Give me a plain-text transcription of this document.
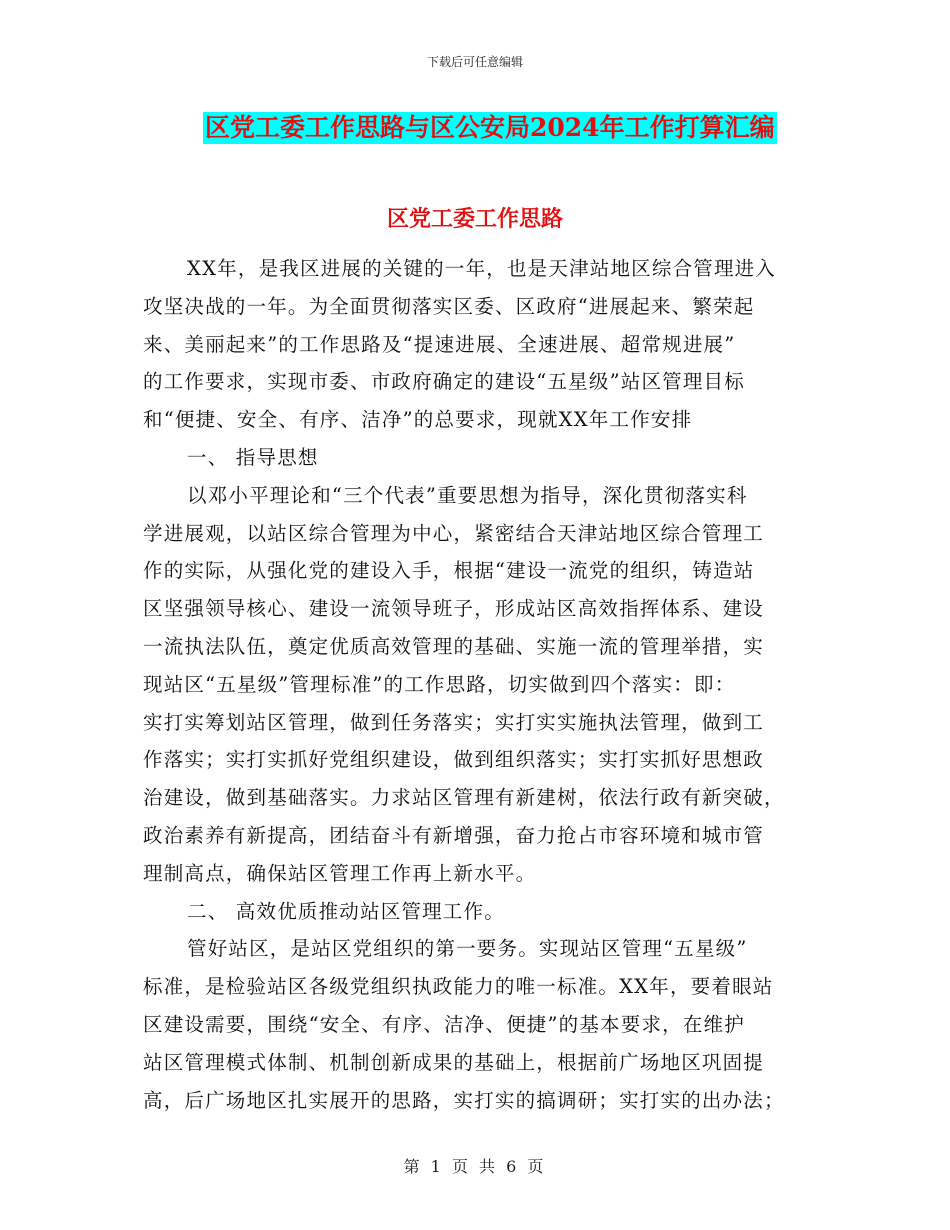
下载后可任意编辑
区党工委工作思路与区公安局2024年工作打算汇编
区党工委工作思路
XX年，是我区进展的关键的一年，也是天津站地区综合管理进入
攻坚决战的一年。为全面贯彻落实区委、区政府“进展起来、繁荣起
来、美丽起来”的工作思路及“提速进展、全速进展、超常规进展”
的工作要求，实现市委、市政府确定的建设“五星级”站区管理目标
和“便捷、安全、有序、洁净”的总要求，现就XX年工作安排
一、 指导思想
以邓小平理论和“三个代表”重要思想为指导，深化贯彻落实科
学进展观，以站区综合管理为中心，紧密结合天津站地区综合管理工
作的实际，从强化党的建设入手，根据“建设一流党的组织，铸造站
区坚强领导核心、建设一流领导班子，形成站区高效指挥体系、建设
一流执法队伍，奠定优质高效管理的基础、实施一流的管理举措，实
现站区“五星级”管理标准”的工作思路，切实做到四个落实：即：
实打实筹划站区管理，做到任务落实；实打实实施执法管理，做到工
作落实；实打实抓好党组织建设，做到组织落实；实打实抓好思想政
治建设，做到基础落实。力求站区管理有新建树，依法行政有新突破，
政治素养有新提高，团结奋斗有新增强，奋力抢占市容环境和城市管
理制高点，确保站区管理工作再上新水平。
二、 高效优质推动站区管理工作。
管好站区，是站区党组织的第一要务。实现站区管理“五星级”
标准，是检验站区各级党组织执政能力的唯一标准。XX年，要着眼站
区建设需要，围绕“安全、有序、洁净、便捷”的基本要求，在维护
站区管理模式体制、机制创新成果的基础上，根据前广场地区巩固提
高，后广场地区扎实展开的思路，实打实的搞调研；实打实的出办法；
第 1 页 共 6 页
